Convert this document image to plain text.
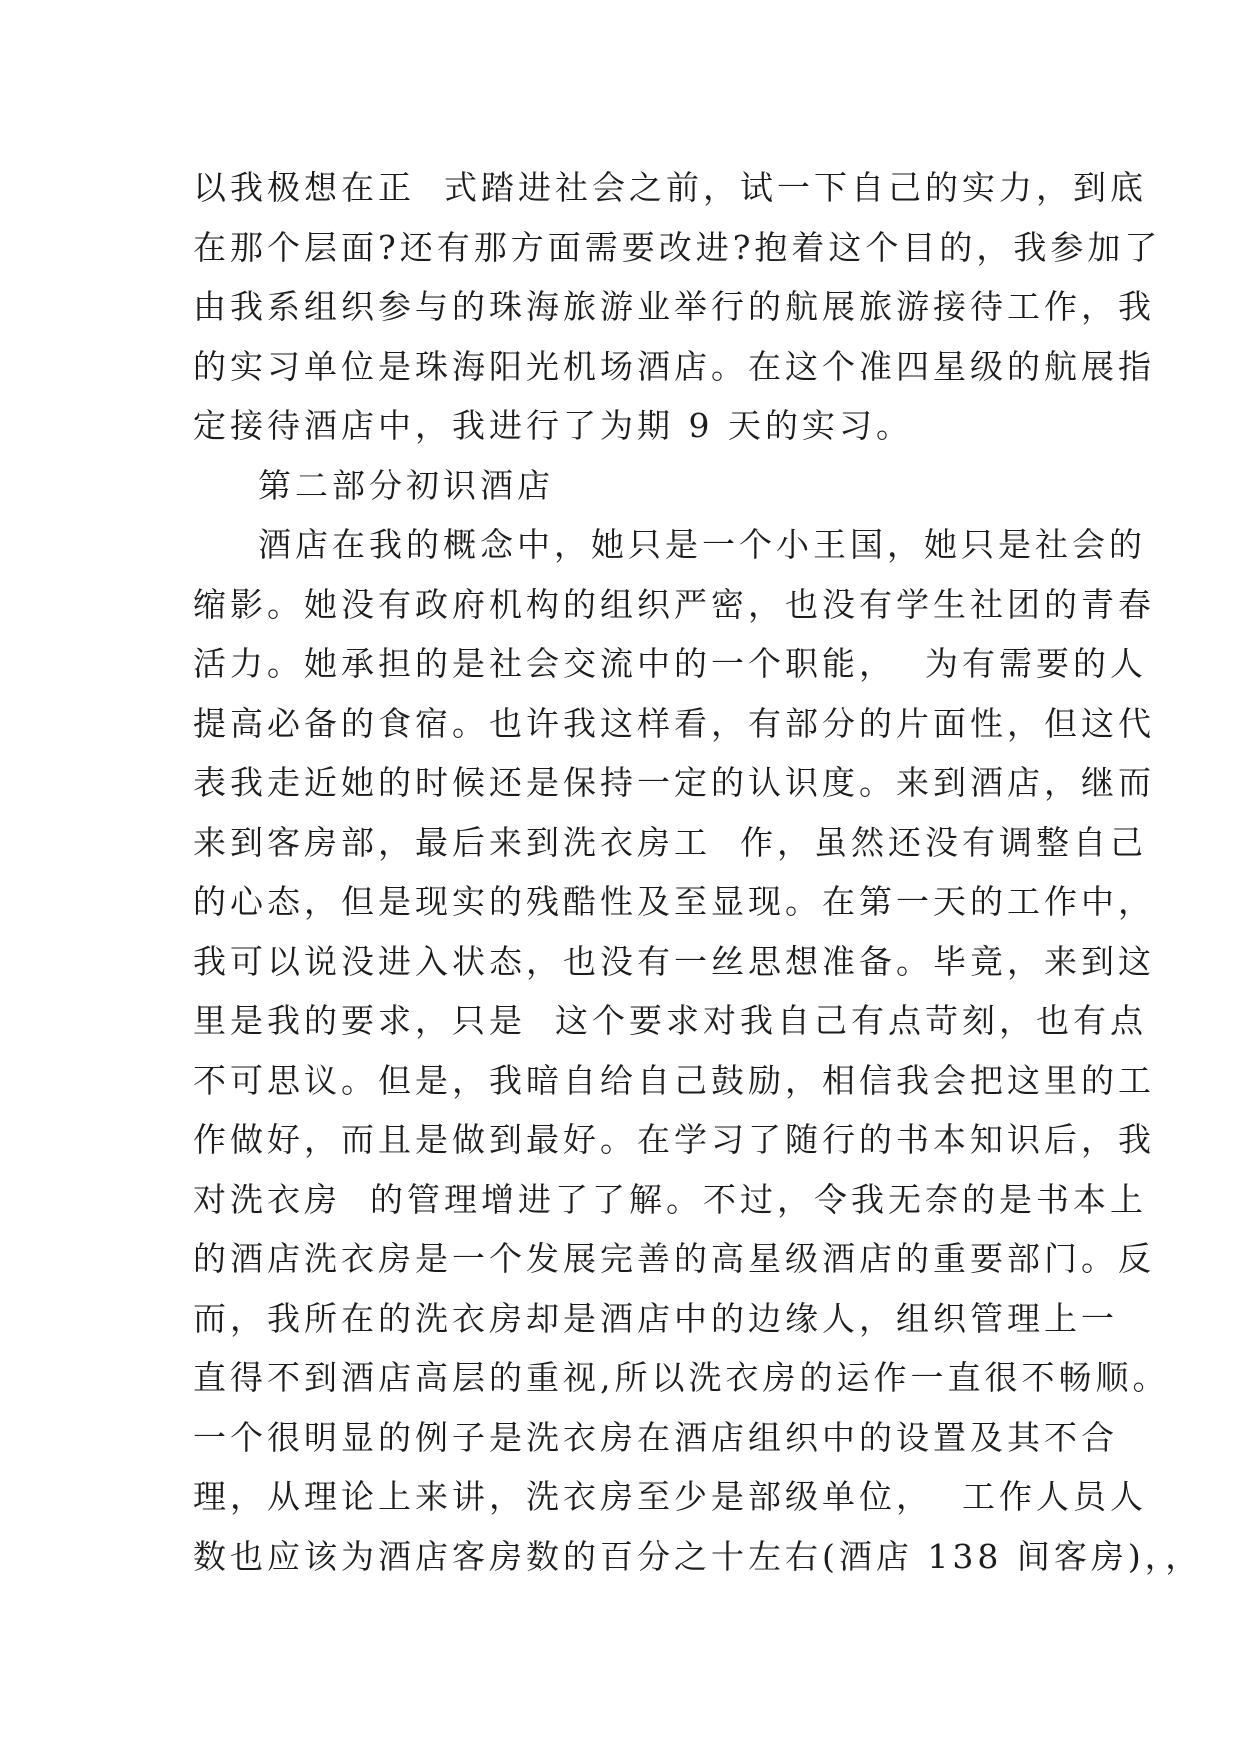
以我极想在正  式踏进社会之前，试一下自己的实力，到底
在那个层面?还有那方面需要改进?抱着这个目的，我参加了
由我系组织参与的珠海旅游业举行的航展旅游接待工作，我
的实习单位是珠海阳光机场酒店。在这个准四星级的航展指
定接待酒店中，我进行了为期 9 天的实习。
第二部分初识酒店
酒店在我的概念中，她只是一个小王国，她只是社会的
缩影。她没有政府机构的组织严密，也没有学生社团的青春
活力。她承担的是社会交流中的一个职能，  为有需要的人
提高必备的食宿。也许我这样看，有部分的片面性，但这代
表我走近她的时候还是保持一定的认识度。来到酒店，继而
来到客房部，最后来到洗衣房工  作，虽然还没有调整自己
的心态，但是现实的残酷性及至显现。在第一天的工作中，
我可以说没进入状态，也没有一丝思想准备。毕竟，来到这
里是我的要求，只是  这个要求对我自己有点苛刻，也有点
不可思议。但是，我暗自给自己鼓励，相信我会把这里的工
作做好，而且是做到最好。在学习了随行的书本知识后，我
对洗衣房  的管理增进了了解。不过，令我无奈的是书本上
的酒店洗衣房是一个发展完善的高星级酒店的重要部门。反
而，我所在的洗衣房却是酒店中的边缘人，组织管理上一
直得不到酒店高层的重视,所以洗衣房的运作一直很不畅顺。
一个很明显的例子是洗衣房在酒店组织中的设置及其不合
理，从理论上来讲，洗衣房至少是部级单位，  工作人员人
数也应该为酒店客房数的百分之十左右(酒店 138 间客房)，，
